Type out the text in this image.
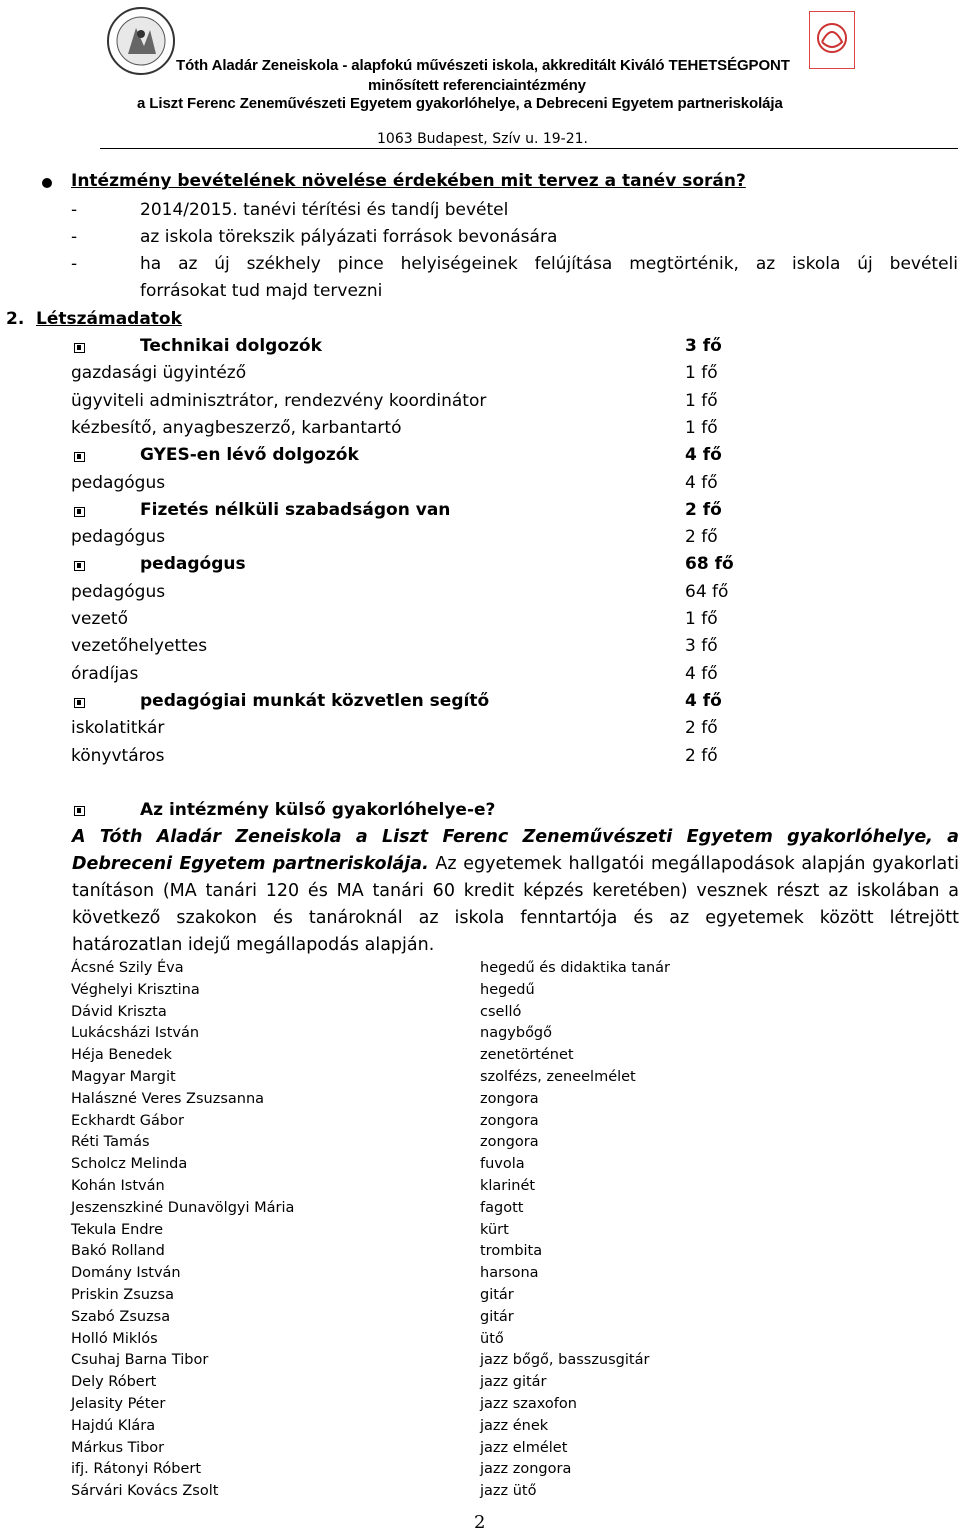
Tóth Aladár Zeneiskola - alapfokú művészeti iskola, akkreditált Kiváló TEHETSÉGPONT
minősített referenciaintézmény
a Liszt Ferenc Zeneművészeti Egyetem gyakorlóhelye, a Debreceni Egyetem partneriskolája
1063 Budapest, Szív u. 19-21.
Intézmény bevételének növelése érdekében mit tervez a tanév során?
-	2014/2015. tanévi térítési és tandíj bevétel
-	az iskola törekszik pályázati források bevonására
-	ha az új székhely pince helyiségeinek felújítása megtörténik, az iskola új bevételi
forrásokat tud majd tervezni
2. Létszámadatok
Technikai dolgozók	3 fő
gazdasági ügyintéző	1 fő
ügyviteli adminisztrátor, rendezvény koordinátor	1 fő
kézbesítő, anyagbeszerző, karbantartó	1 fő
GYES-en lévő dolgozók	4 fő
pedagógus	4 fő
Fizetés nélküli szabadságon van	2 fő
pedagógus	2 fő
pedagógus	68 fő
pedagógus	64 fő
vezető	1 fő
vezetőhelyettes	3 fő
óradíjas	4 fő
pedagógiai munkát közvetlen segítő	4 fő
iskolatitkár	2 fő
könyvtáros	2 fő
Az intézmény külső gyakorlóhelye-e?
A Tóth Aladár Zeneiskola a Liszt Ferenc Zeneművészeti Egyetem gyakorlóhelye, a Debreceni Egyetem partneriskolája. Az egyetemek hallgatói megállapodások alapján gyakorlati tanításon (MA tanári 120 és MA tanári 60 kredit képzés keretében) vesznek részt az iskolában a következő szakokon és tanároknál az iskola fenntartója és az egyetemek között létrejött határozatlan idejű megállapodás alapján.
Ácsné Szily Éva	hegedű és didaktika tanár
Véghelyi Krisztina	hegedű
Dávid Kriszta	cselló
Lukácsházi István	nagybőgő
Héja Benedek	zenetörténet
Magyar Margit	szolfézs, zeneelmélet
Halászné Veres Zsuzsanna	zongora
Eckhardt Gábor	zongora
Réti Tamás	zongora
Scholcz Melinda	fuvola
Kohán István	klarinét
Jeszenszkiné Dunavölgyi Mária	fagott
Tekula Endre	kürt
Bakó Rolland	trombita
Domány István	harsona
Priskin Zsuzsa	gitár
Szabó Zsuzsa	gitár
Holló Miklós	ütő
Csuhaj Barna Tibor	jazz bőgő, basszusgitár
Dely Róbert	jazz gitár
Jelasity Péter	jazz szaxofon
Hajdú Klára	jazz ének
Márkus Tibor	jazz elmélet
ifj. Rátonyi Róbert	jazz zongora
Sárvári Kovács Zsolt	jazz ütő
2
